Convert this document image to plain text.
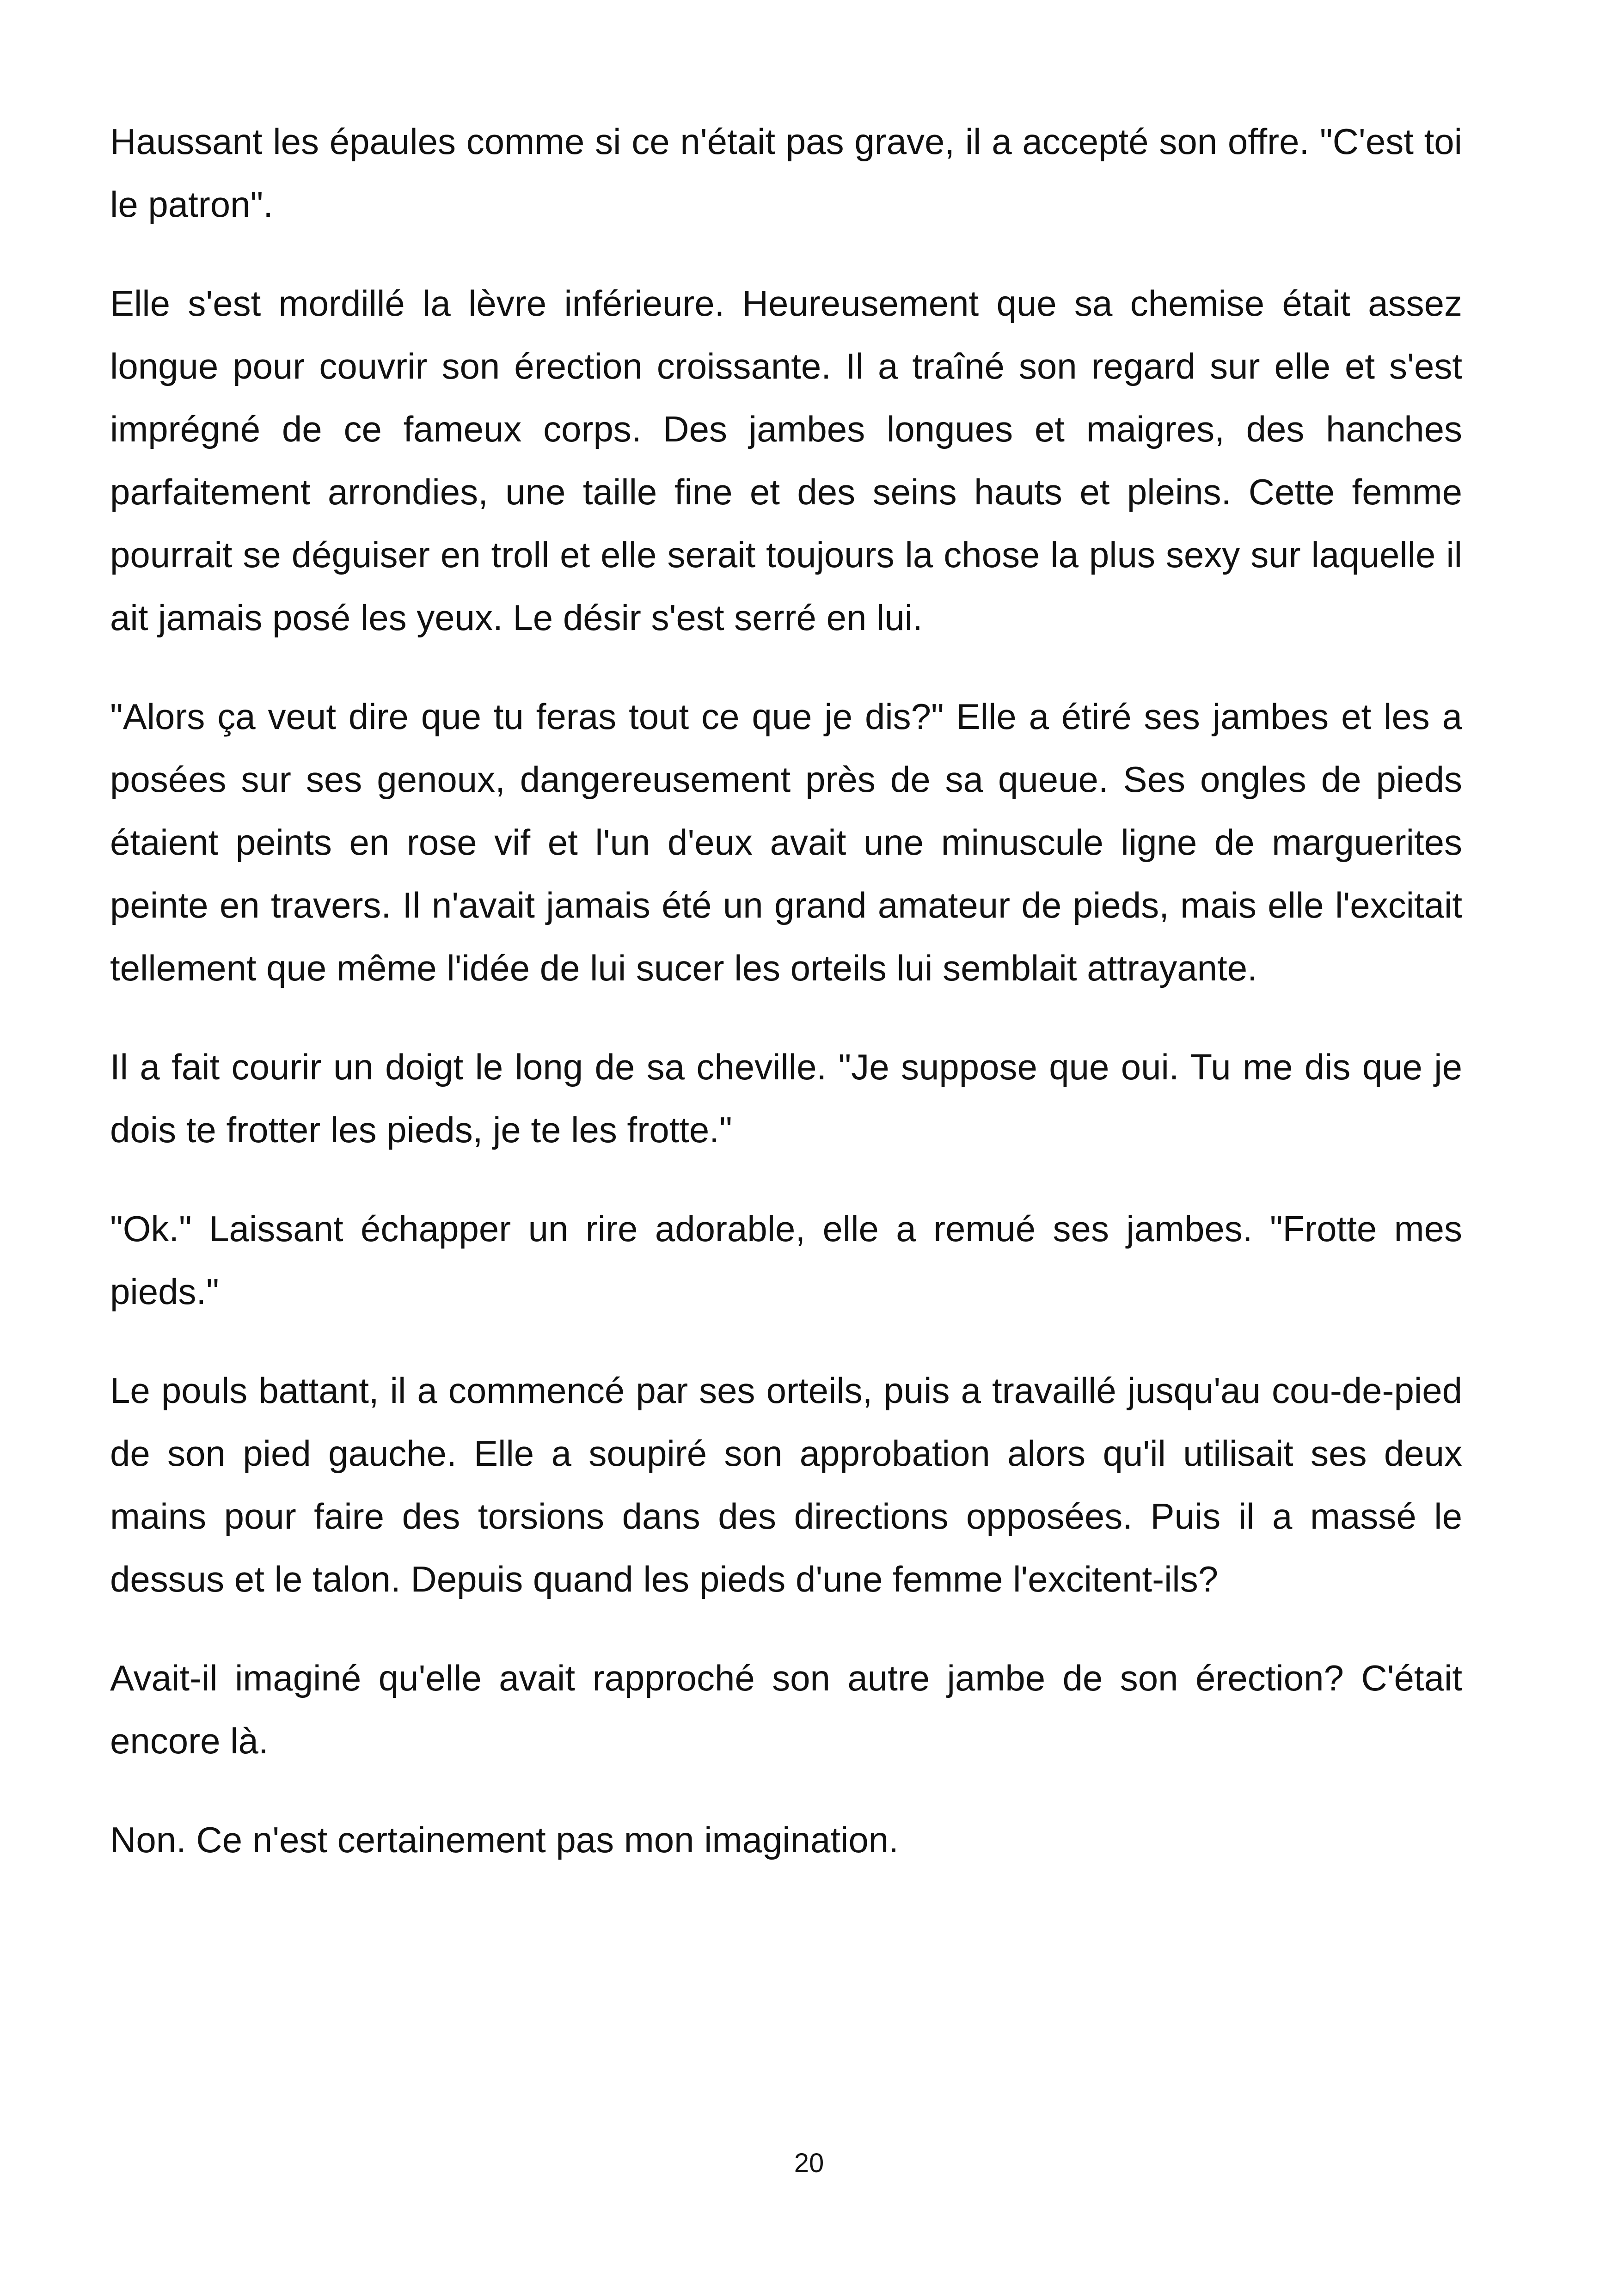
Haussant les épaules comme si ce n'était pas grave, il a accepté son offre. "C'est toi le patron".

Elle s'est mordillé la lèvre inférieure. Heureusement que sa chemise était assez longue pour couvrir son érection croissante. Il a traîné son regard sur elle et s'est imprégné de ce fameux corps. Des jambes longues et maigres, des hanches parfaitement arrondies, une taille fine et des seins hauts et pleins. Cette femme pourrait se déguiser en troll et elle serait toujours la chose la plus sexy sur laquelle il ait jamais posé les yeux. Le désir s'est serré en lui.

"Alors ça veut dire que tu feras tout ce que je dis?" Elle a étiré ses jambes et les a posées sur ses genoux, dangereusement près de sa queue. Ses ongles de pieds étaient peints en rose vif et l'un d'eux avait une minuscule ligne de marguerites peinte en travers. Il n'avait jamais été un grand amateur de pieds, mais elle l'excitait tellement que même l'idée de lui sucer les orteils lui semblait attrayante.

Il a fait courir un doigt le long de sa cheville. "Je suppose que oui. Tu me dis que je dois te frotter les pieds, je te les frotte."

"Ok." Laissant échapper un rire adorable, elle a remué ses jambes. "Frotte mes pieds."

Le pouls battant, il a commencé par ses orteils, puis a travaillé jusqu'au cou-de-pied de son pied gauche. Elle a soupiré son approbation alors qu'il utilisait ses deux mains pour faire des torsions dans des directions opposées. Puis il a massé le dessus et le talon. Depuis quand les pieds d'une femme l'excitent-ils?

Avait-il imaginé qu'elle avait rapproché son autre jambe de son érection? C'était encore là.

Non. Ce n'est certainement pas mon imagination.

20
